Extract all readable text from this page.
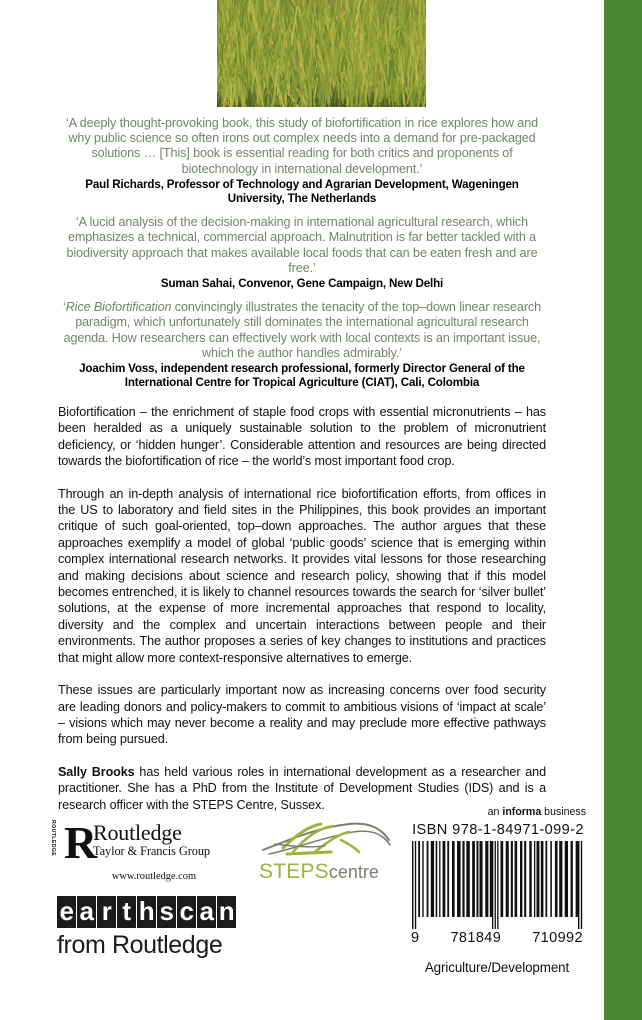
‘A deeply thought-provoking book, this study of biofortification in rice explores how and why public science so often irons out complex needs into a demand for pre-packaged solutions … [This] book is essential reading for both critics and proponents of biotechnology in international development.’
Paul Richards, Professor of Technology and Agrarian Development, Wageningen University, The Netherlands
‘A lucid analysis of the decision-making in international agricultural research, which emphasizes a technical, commercial approach. Malnutrition is far better tackled with a biodiversity approach that makes available local foods that can be eaten fresh and are free.’
Suman Sahai, Convenor, Gene Campaign, New Delhi
‘Rice Biofortification convincingly illustrates the tenacity of the top–down linear research paradigm, which unfortunately still dominates the international agricultural research agenda. How researchers can effectively work with local contexts is an important issue, which the author handles admirably.’
Joachim Voss, independent research professional, formerly Director General of the International Centre for Tropical Agriculture (CIAT), Cali, Colombia

Biofortification – the enrichment of staple food crops with essential micronutrients – has been heralded as a uniquely sustainable solution to the problem of micronutrient deficiency, or ‘hidden hunger’. Considerable attention and resources are being directed towards the biofortification of rice – the world’s most important food crop.

Through an in-depth analysis of international rice biofortification efforts, from offices in the US to laboratory and field sites in the Philippines, this book provides an important critique of such goal-oriented, top–down approaches. The author argues that these approaches exemplify a model of global ‘public goods’ science that is emerging within complex international research networks. It provides vital lessons for those researching and making decisions about science and research policy, showing that if this model becomes entrenched, it is likely to channel resources towards the search for ‘silver bullet’ solutions, at the expense of more incremental approaches that respond to locality, diversity and the complex and uncertain interactions between people and their environments. The author proposes a series of key changes to institutions and practices that might allow more context-responsive alternatives to emerge.

These issues are particularly important now as increasing concerns over food security are leading donors and policy-makers to commit to ambitious visions of ‘impact at scale’ – visions which may never become a reality and may preclude more effective pathways from being pursued.

Sally Brooks has held various roles in international development as a researcher and practitioner. She has a PhD from the Institute of Development Studies (IDS) and is a research officer with the STEPS Centre, Sussex.

ROUTLEDGE R
Routledge
Taylor & Francis Group
www.routledge.com	STEPScentre
e a r t h s c a n
from Routledge
an informa business
ISBN 978-1-84971-099-2
9 781849 710992
Agriculture/Development
